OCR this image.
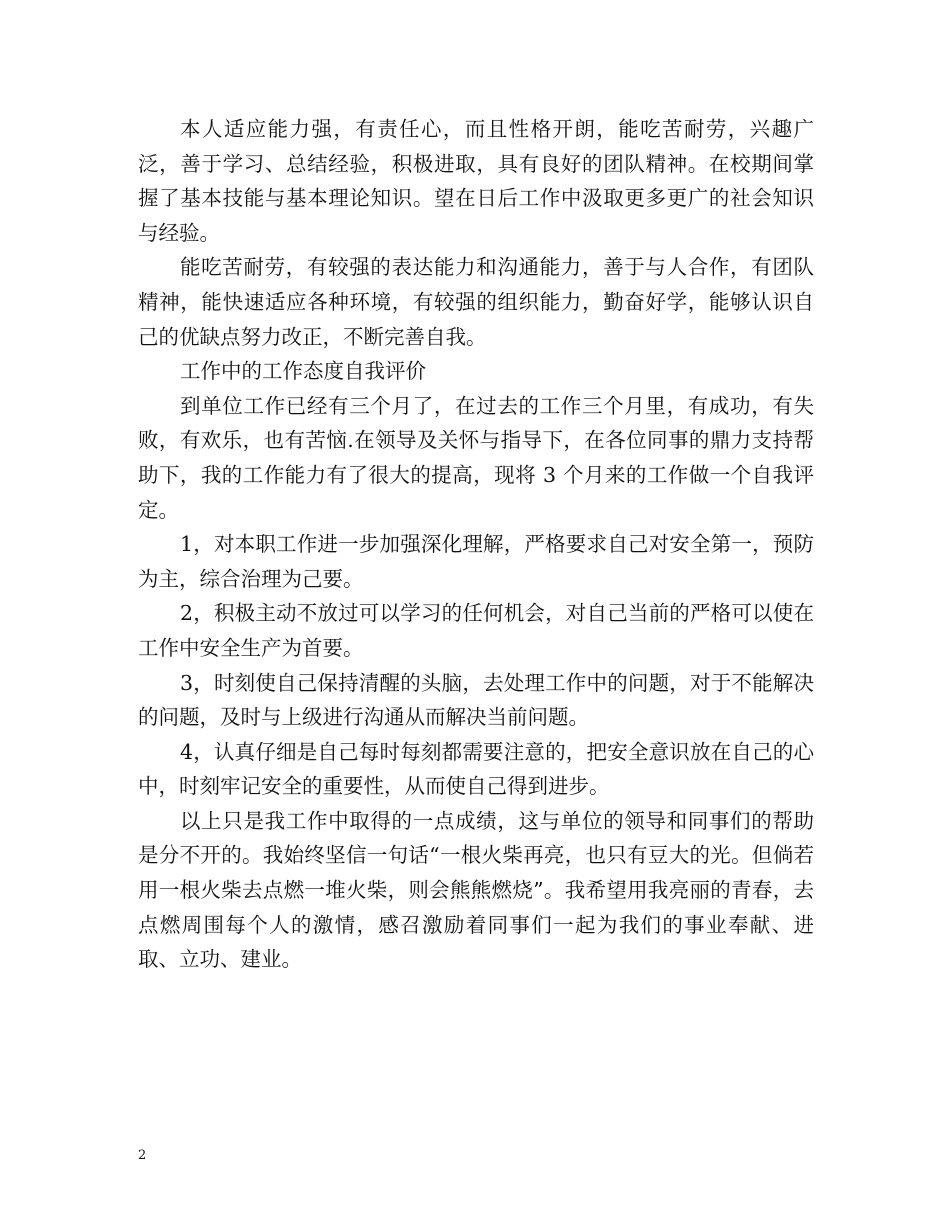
本人适应能力强，有责任心，而且性格开朗，能吃苦耐劳，兴趣广泛，善于学习、总结经验，积极进取，具有良好的团队精神。在校期间掌握了基本技能与基本理论知识。望在日后工作中汲取更多更广的社会知识与经验。

能吃苦耐劳，有较强的表达能力和沟通能力，善于与人合作，有团队精神，能快速适应各种环境，有较强的组织能力，勤奋好学，能够认识自己的优缺点努力改正，不断完善自我。

工作中的工作态度自我评价

到单位工作已经有三个月了，在过去的工作三个月里，有成功，有失败，有欢乐，也有苦恼.在领导及关怀与指导下，在各位同事的鼎力支持帮助下，我的工作能力有了很大的提高，现将 3 个月来的工作做一个自我评定。

1，对本职工作进一步加强深化理解，严格要求自己对安全第一，预防为主，综合治理为己要。

2，积极主动不放过可以学习的任何机会，对自己当前的严格可以使在工作中安全生产为首要。

3，时刻使自己保持清醒的头脑，去处理工作中的问题，对于不能解决的问题，及时与上级进行沟通从而解决当前问题。

4，认真仔细是自己每时每刻都需要注意的，把安全意识放在自己的心中，时刻牢记安全的重要性，从而使自己得到进步。

以上只是我工作中取得的一点成绩，这与单位的领导和同事们的帮助是分不开的。我始终坚信一句话“一根火柴再亮，也只有豆大的光。但倘若用一根火柴去点燃一堆火柴，则会熊熊燃烧”。我希望用我亮丽的青春，去点燃周围每个人的激情，感召激励着同事们一起为我们的事业奉献、进取、立功、建业。

2
